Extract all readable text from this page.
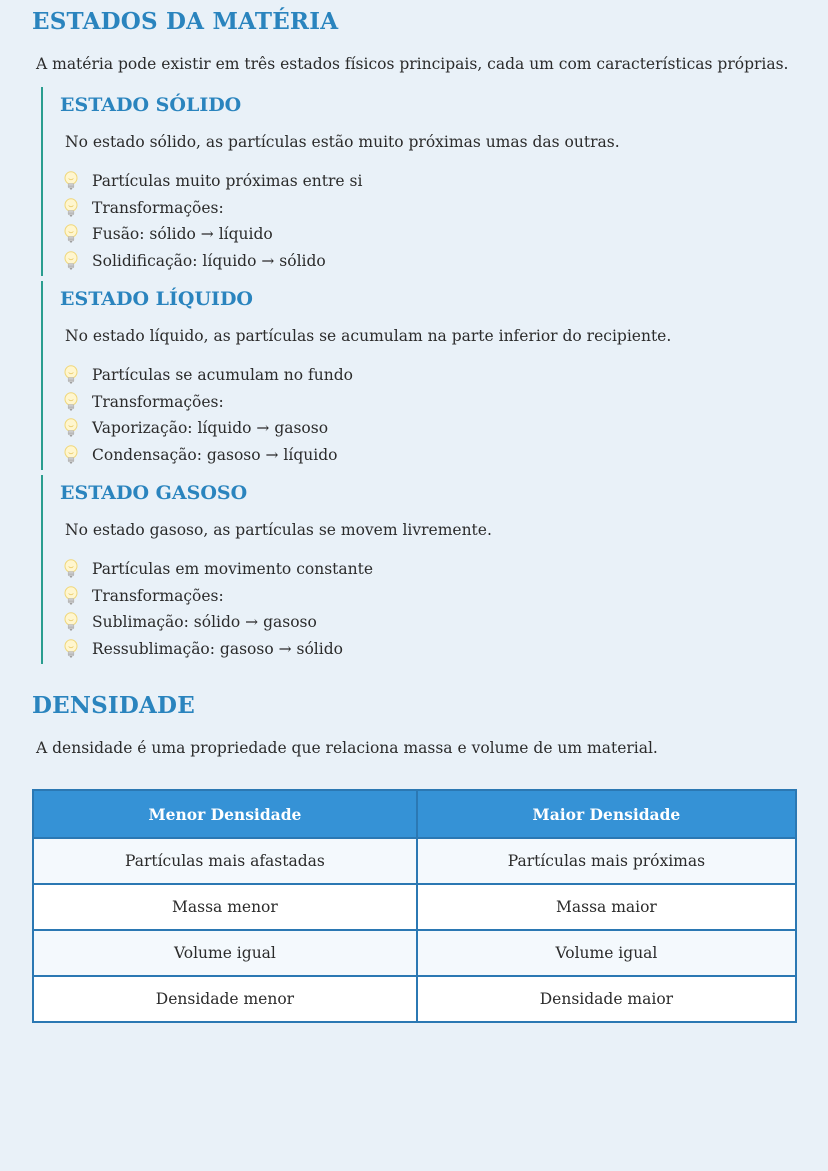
ESTADOS DA MATÉRIA

A matéria pode existir em três estados físicos principais, cada um com características próprias.

ESTADO SÓLIDO

No estado sólido, as partículas estão muito próximas umas das outras.

Partículas muito próximas entre si
Transformações:
Fusão: sólido → líquido
Solidificação: líquido → sólido
ESTADO LÍQUIDO

No estado líquido, as partículas se acumulam na parte inferior do recipiente.

Partículas se acumulam no fundo
Transformações:
Vaporização: líquido → gasoso
Condensação: gasoso → líquido
ESTADO GASOSO

No estado gasoso, as partículas se movem livremente.

Partículas em movimento constante
Transformações:
Sublimação: sólido → gasoso
Ressublimação: gasoso → sólido
DENSIDADE

A densidade é uma propriedade que relaciona massa e volume de um material.

Menor Densidade	Maior Densidade
Partículas mais afastadas	Partículas mais próximas
Massa menor	Massa maior
Volume igual	Volume igual
Densidade menor	Densidade maior
